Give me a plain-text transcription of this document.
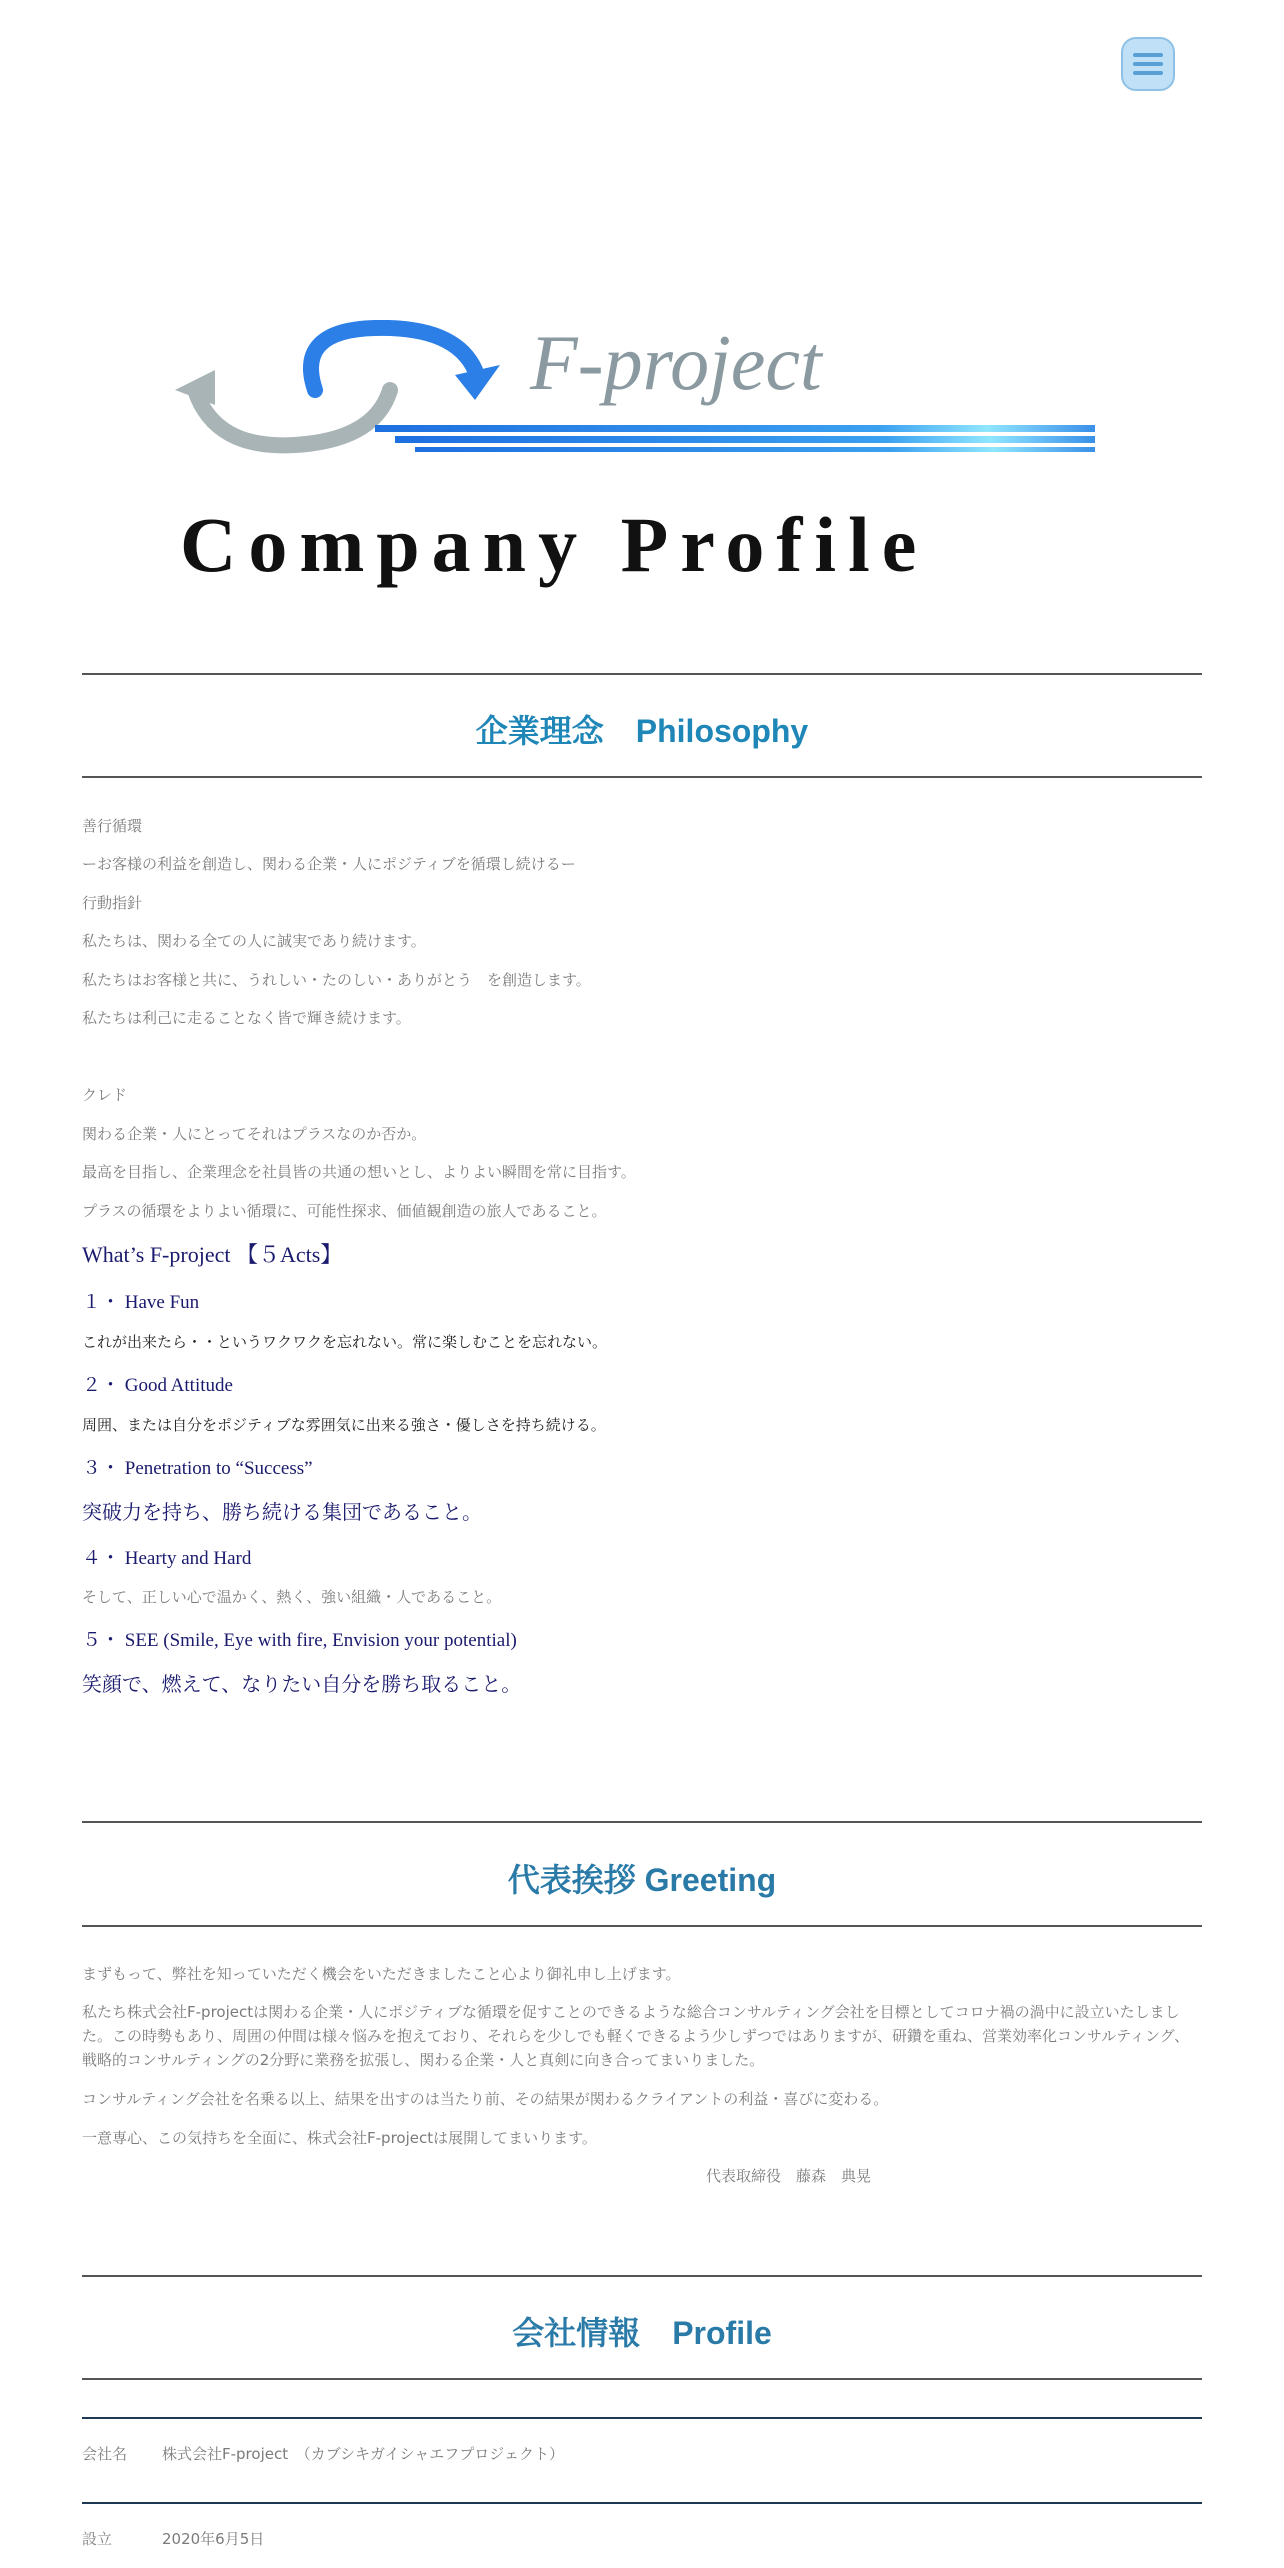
F-project
Company Profile
企業理念　Philosophy
善行循環
ーお客様の利益を創造し、関わる企業・人にポジティブを循環し続けるー
行動指針
私たちは、関わる全ての人に誠実であり続けます。
私たちはお客様と共に、うれしい・たのしい・ありがとう　を創造します。
私たちは利己に走ることなく皆で輝き続けます。
クレド
関わる企業・人にとってそれはプラスなのか否か。
最高を目指し、企業理念を社員皆の共通の想いとし、よりよい瞬間を常に目指す。
プラスの循環をよりよい循環に、可能性探求、価値観創造の旅人であること。
What’s F-project 【５Acts】
１・ Have Fun
これが出来たら・・というワクワクを忘れない。常に楽しむことを忘れない。
２・ Good Attitude
周囲、または自分をポジティブな雰囲気に出来る強さ・優しさを持ち続ける。
３・ Penetration to “Success”
突破力を持ち、勝ち続ける集団であること。
４・ Hearty and Hard
そして、正しい心で温かく、熱く、強い組織・人であること。
５・ SEE (Smile, Eye with fire, Envision your potential)
笑顔で、燃えて、なりたい自分を勝ち取ること。
代表挨拶 Greeting
まずもって、弊社を知っていただく機会をいただきましたこと心より御礼申し上げます。
私たち株式会社F-projectは関わる企業・人にポジティブな循環を促すことのできるような総合コンサルティング会社を目標としてコロナ禍の渦中に設立いたしました。この時勢もあり、周囲の仲間は様々悩みを抱えており、それらを少しでも軽くできるよう少しずつではありますが、研鑽を重ね、営業効率化コンサルティング、戦略的コンサルティングの2分野に業務を拡張し、関わる企業・人と真剣に向き合ってまいりました。
コンサルティング会社を名乗る以上、結果を出すのは当たり前、その結果が関わるクライアントの利益・喜びに変わる。
一意専心、この気持ちを全面に、株式会社F-projectは展開してまいります。
代表取締役　藤森　典晃
会社情報　Profile
会社名 株式会社F-project　（カブシキガイシャエフプロジェクト）
設立	2020年6月5日
